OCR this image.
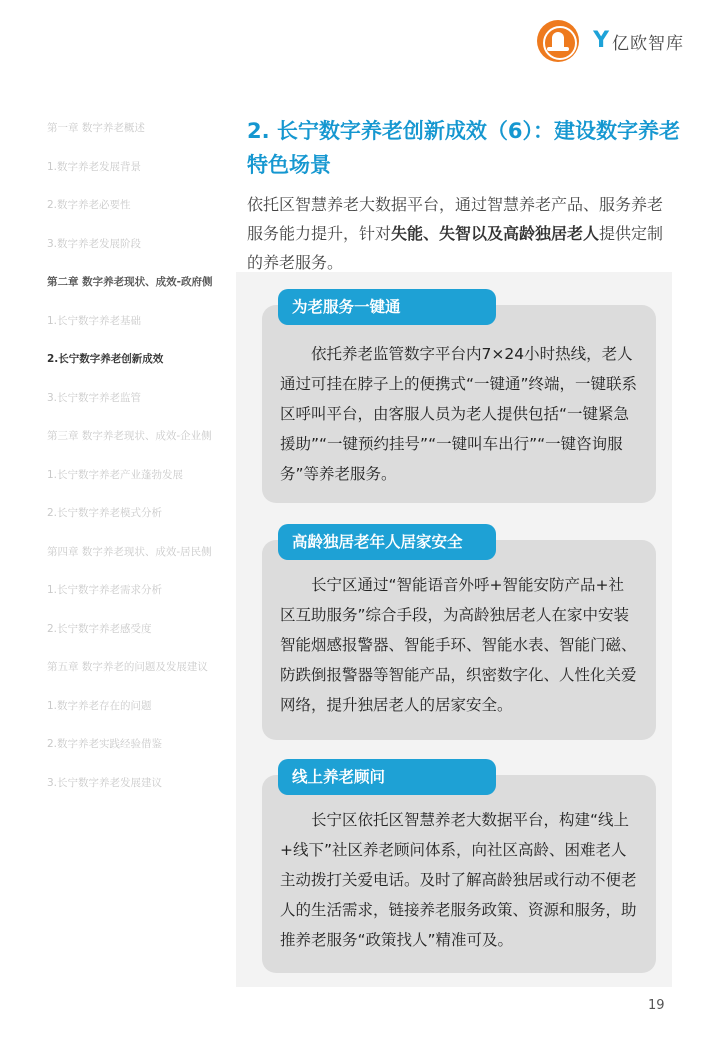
Y 亿欧智库
第一章 数字养老概述
1.数字养老发展背景
2.数字养老必要性
3.数字养老发展阶段
第二章 数字养老现状、成效-政府侧
1.长宁数字养老基础
2.长宁数字养老创新成效
3.长宁数字养老监管
第三章 数字养老现状、成效-企业侧
1.长宁数字养老产业蓬勃发展
2.长宁数字养老模式分析
第四章 数字养老现状、成效-居民侧
1.长宁数字养老需求分析
2.长宁数字养老感受度
第五章 数字养老的问题及发展建议
1.数字养老存在的问题
2.数字养老实践经验借鉴
3.长宁数字养老发展建议
2. 长宁数字养老创新成效（6）：建设数字养老特色场景

依托区智慧养老大数据平台，通过智慧养老产品、服务养老服务能力提升，针对失能、失智以及高龄独居老人提供定制的养老服务。

依托养老监管数字平台内7×24小时热线，老人通过可挂在脖子上的便携式“一键通”终端，一键联系区呼叫平台，由客服人员为老人提供包括“一键紧急援助”“一键预约挂号”“一键叫车出行”“一键咨询服务”等养老服务。

为老服务一键通

长宁区通过“智能语音外呼+智能安防产品+社区互助服务”综合手段，为高龄独居老人在家中安装智能烟感报警器、智能手环、智能水表、智能门磁、防跌倒报警器等智能产品，织密数字化、人性化关爱网络，提升独居老人的居家安全。

高龄独居老年人居家安全

长宁区依托区智慧养老大数据平台，构建“线上+线下”社区养老顾问体系，向社区高龄、困难老人主动拨打关爱电话。及时了解高龄独居或行动不便老人的生活需求，链接养老服务政策、资源和服务，助推养老服务“政策找人”精准可及。

线上养老顾问
19
